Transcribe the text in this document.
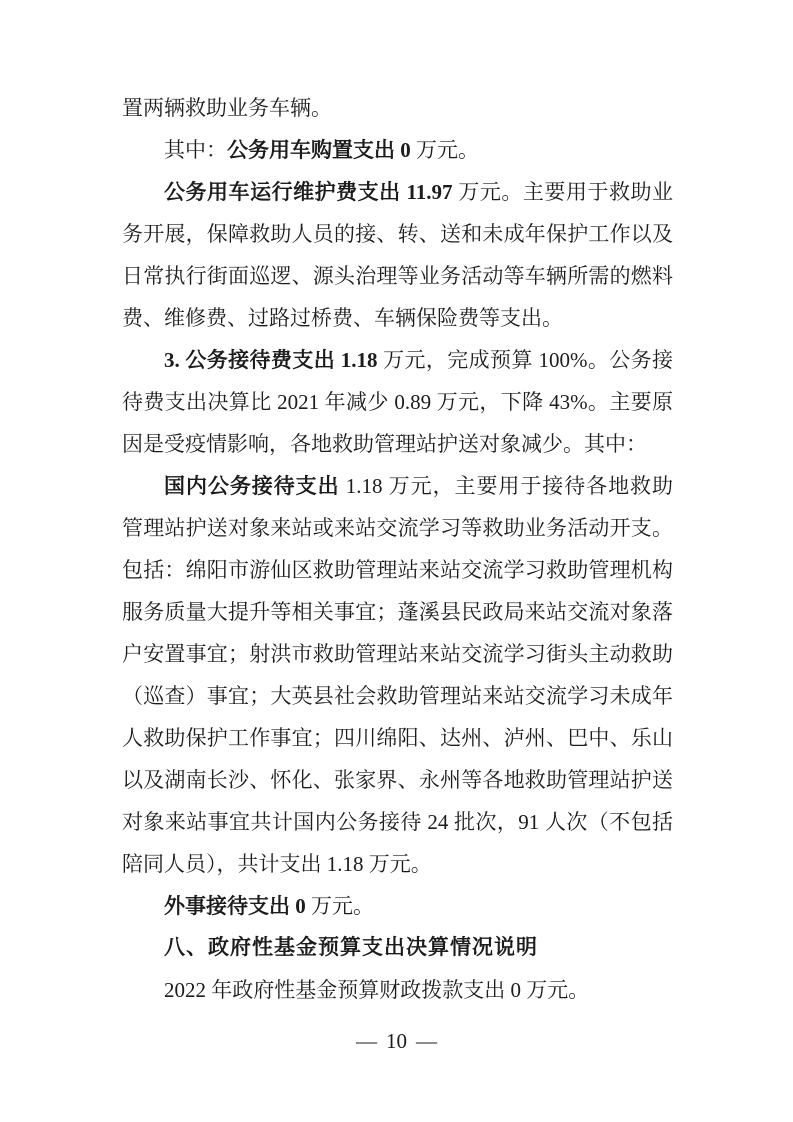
置两辆救助业务车辆。

其中：公务用车购置支出 0 万元。

公务用车运行维护费支出 11.97 万元。主要用于救助业务开展，保障救助人员的接、转、送和未成年保护工作以及日常执行街面巡逻、源头治理等业务活动等车辆所需的燃料费、维修费、过路过桥费、车辆保险费等支出。

3. 公务接待费支出 1.18 万元，完成预算 100%。公务接待费支出决算比 2021 年减少 0.89 万元，下降 43%。主要原因是受疫情影响，各地救助管理站护送对象减少。其中：

国内公务接待支出 1.18 万元，主要用于接待各地救助管理站护送对象来站或来站交流学习等救助业务活动开支。包括：绵阳市游仙区救助管理站来站交流学习救助管理机构服务质量大提升等相关事宜；蓬溪县民政局来站交流对象落户安置事宜；射洪市救助管理站来站交流学习街头主动救助（巡查）事宜；大英县社会救助管理站来站交流学习未成年人救助保护工作事宜；四川绵阳、达州、泸州、巴中、乐山以及湖南长沙、怀化、张家界、永州等各地救助管理站护送对象来站事宜共计国内公务接待 24 批次，91 人次（不包括陪同人员），共计支出 1.18 万元。

外事接待支出 0 万元。

八、政府性基金预算支出决算情况说明

2022 年政府性基金预算财政拨款支出 0 万元。

— 10 —
